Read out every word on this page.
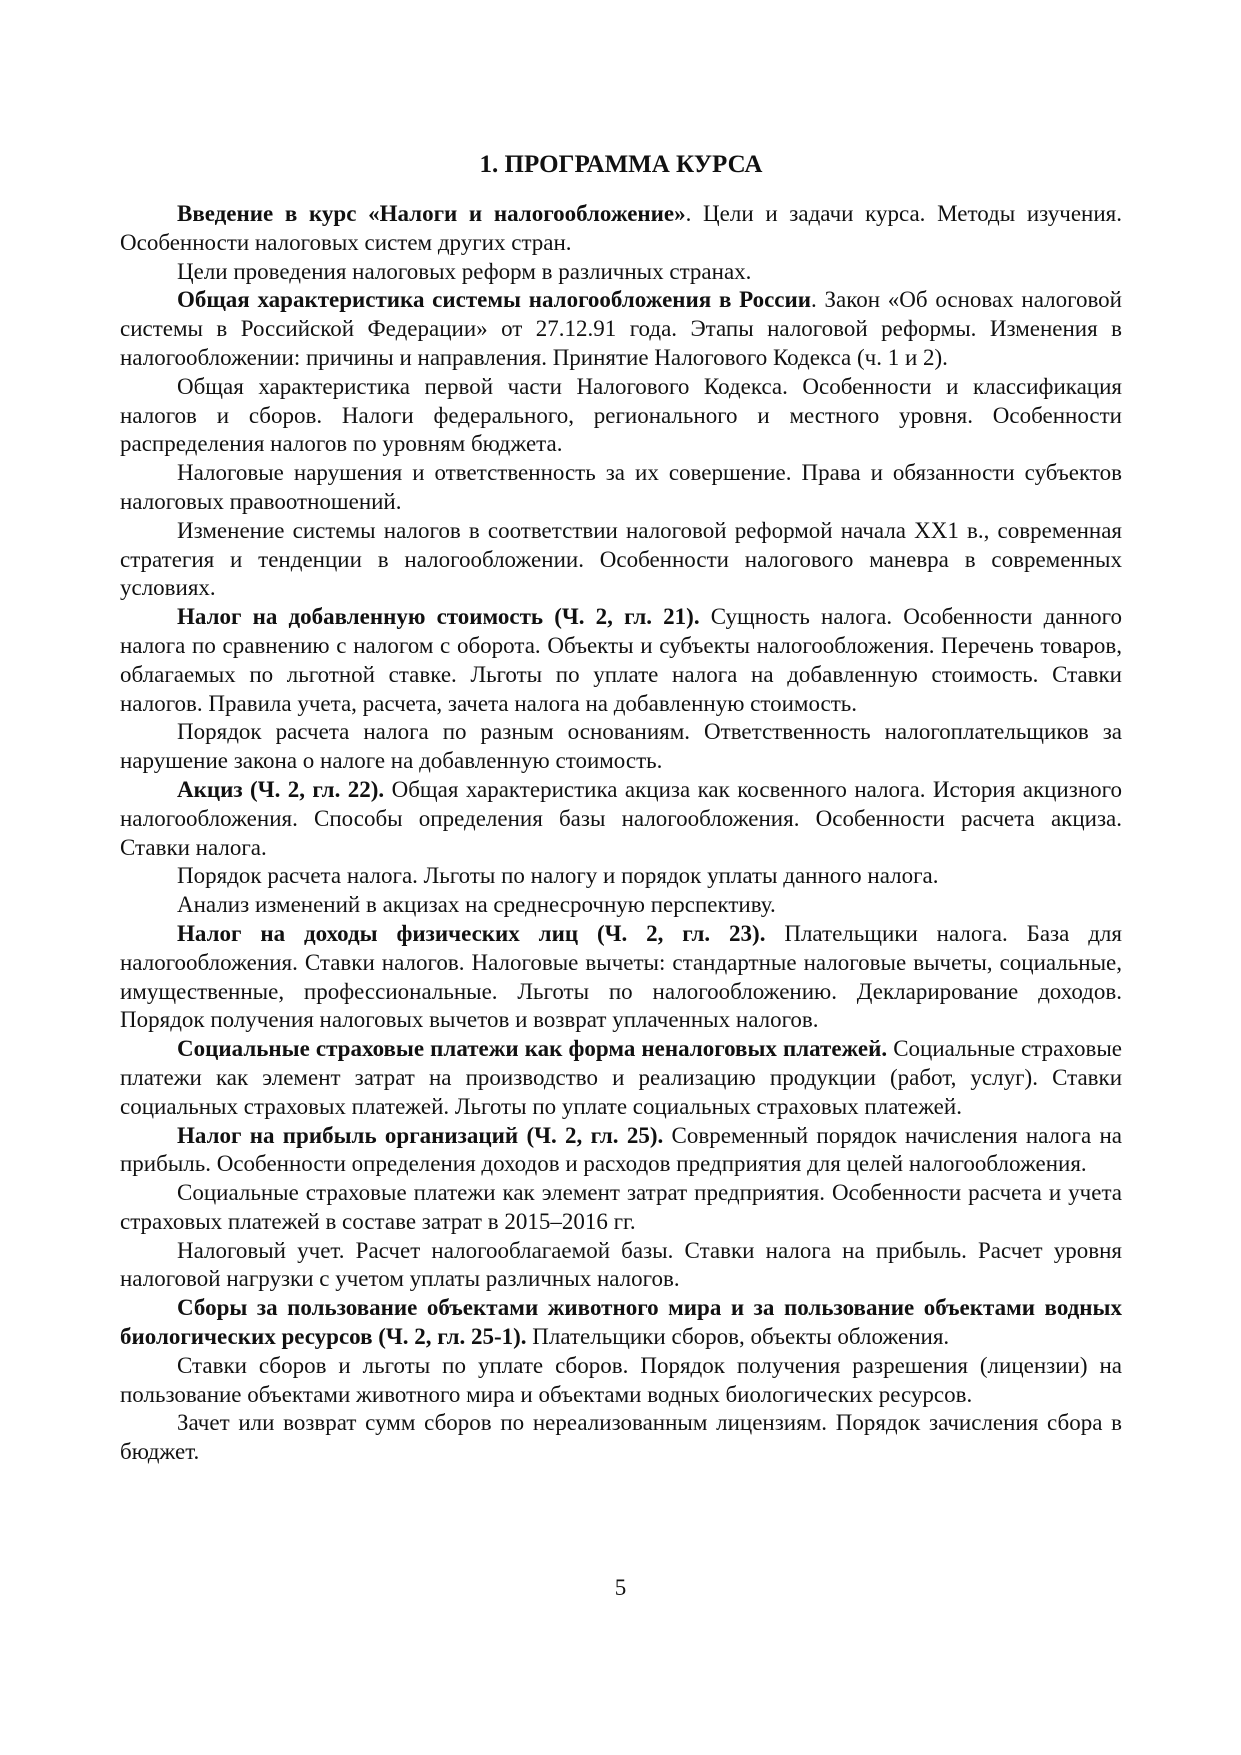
1. ПРОГРАММА КУРСА

Введение в курс «Налоги и налогообложение». Цели и задачи курса. Методы изучения. Особенности налоговых систем других стран.

Цели проведения налоговых реформ в различных странах.

Общая характеристика системы налогообложения в России. Закон «Об основах налоговой системы в Российской Федерации» от 27.12.91 года. Этапы налоговой реформы. Изменения в налогообложении: причины и направления. Принятие Налогового Кодекса (ч. 1 и 2).

Общая характеристика первой части Налогового Кодекса. Особенности и классификация налогов и сборов. Налоги федерального, регионального и местного уровня. Особенности распределения налогов по уровням бюджета.

Налоговые нарушения и ответственность за их совершение. Права и обязанности субъектов налоговых правоотношений.

Изменение системы налогов в соответствии налоговой реформой начала XX1 в., современная стратегия и тенденции в налогообложении. Особенности налогового маневра в современных условиях.

Налог на добавленную стоимость (Ч. 2, гл. 21). Сущность налога. Особенности данного налога по сравнению с налогом с оборота. Объекты и субъекты налогообложения. Перечень товаров, облагаемых по льготной ставке. Льготы по уплате налога на добавленную стоимость. Ставки налогов. Правила учета, расчета, зачета налога на добавленную стоимость.

Порядок расчета налога по разным основаниям. Ответственность налогоплательщиков за нарушение закона о налоге на добавленную стоимость.

Акциз (Ч. 2, гл. 22). Общая характеристика акциза как косвенного налога. История акцизного налогообложения. Способы определения базы налогообложения. Особенности расчета акциза. Ставки налога.

Порядок расчета налога. Льготы по налогу и порядок уплаты данного налога.

Анализ изменений в акцизах на среднесрочную перспективу.

Налог на доходы физических лиц (Ч. 2, гл. 23). Плательщики налога. База для налогообложения. Ставки налогов. Налоговые вычеты: стандартные налоговые вычеты, социальные, имущественные, профессиональные. Льготы по налогообложению. Декларирование доходов. Порядок получения налоговых вычетов и возврат уплаченных налогов.

Социальные страховые платежи как форма неналоговых платежей. Социальные страховые платежи как элемент затрат на производство и реализацию продукции (работ, услуг). Ставки социальных страховых платежей. Льготы по уплате социальных страховых платежей.

Налог на прибыль организаций (Ч. 2, гл. 25). Современный порядок начисления налога на прибыль. Особенности определения доходов и расходов предприятия для целей налогообложения.

Социальные страховые платежи как элемент затрат предприятия. Особенности расчета и учета страховых платежей в составе затрат в 2015–2016 гг.

Налоговый учет. Расчет налогооблагаемой базы. Ставки налога на прибыль. Расчет уровня налоговой нагрузки с учетом уплаты различных налогов.

Сборы за пользование объектами животного мира и за пользование объектами водных биологических ресурсов (Ч. 2, гл. 25-1). Плательщики сборов, объекты обложения.

Ставки сборов и льготы по уплате сборов. Порядок получения разрешения (лицензии) на пользование объектами животного мира и объектами водных биологических ресурсов.

Зачет или возврат сумм сборов по нереализованным лицензиям. Порядок зачисления сбора в бюджет.

5
